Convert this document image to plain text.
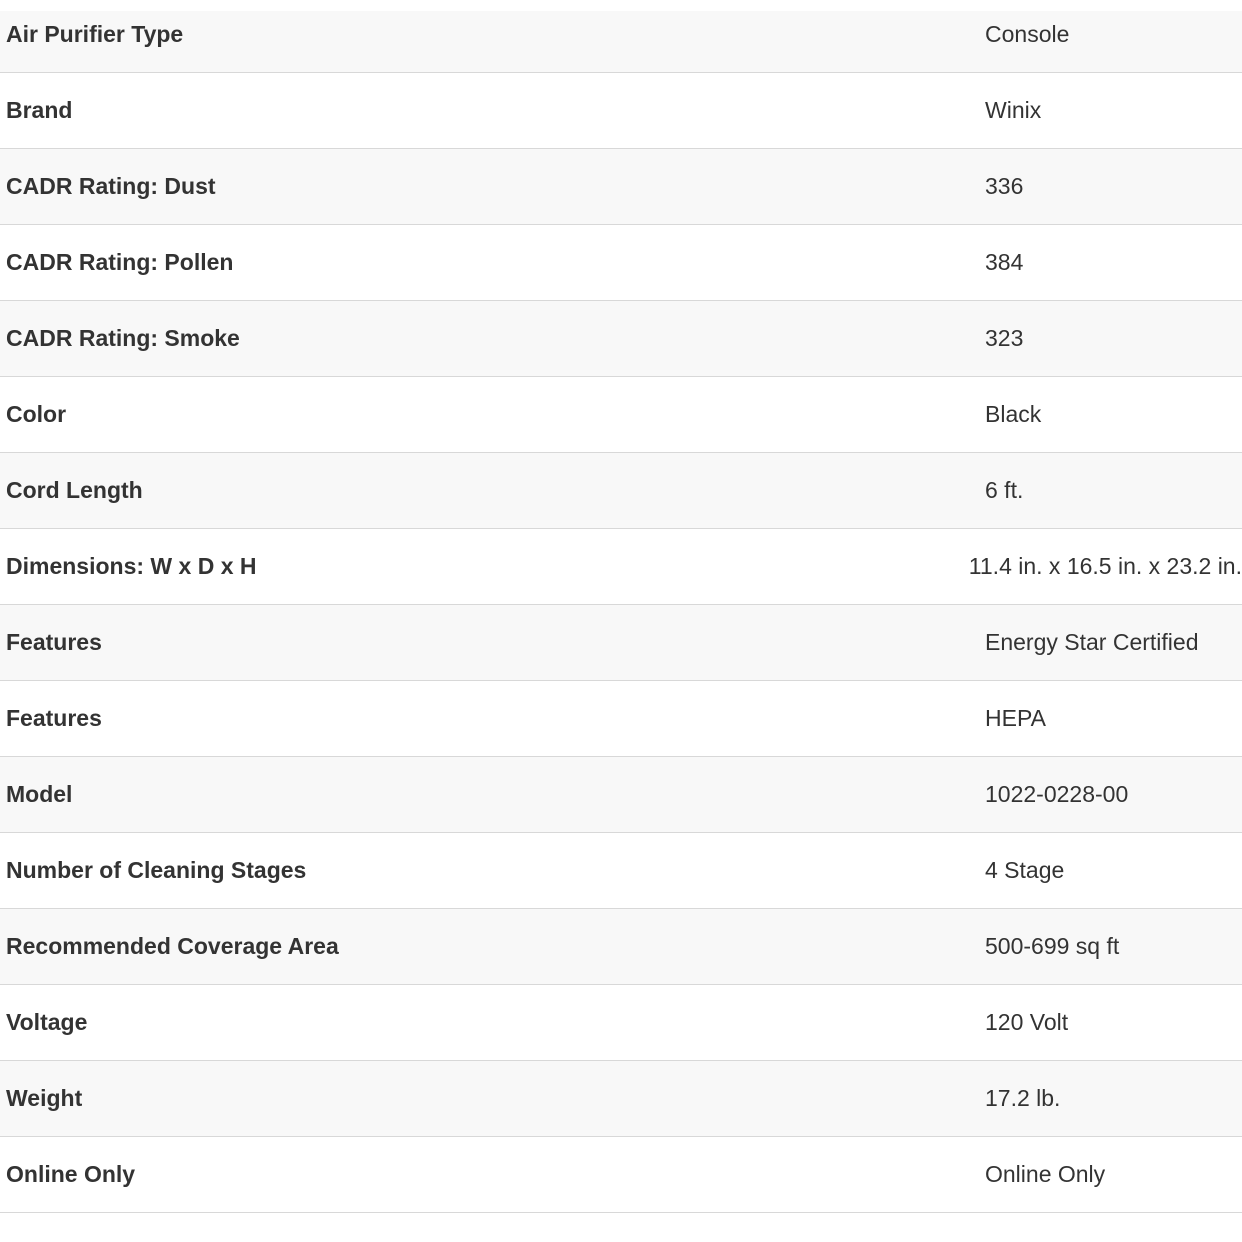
Air Purifier Type	Console
Brand	Winix
CADR Rating: Dust	336
CADR Rating: Pollen	384
CADR Rating: Smoke	323
Color	Black
Cord Length	6 ft.
Dimensions: W x D x H	11.4 in. x 16.5 in. x 23.2 in.
Features	Energy Star Certified
Features	HEPA
Model	1022-0228-00
Number of Cleaning Stages	4 Stage
Recommended Coverage Area	500-699 sq ft
Voltage	120 Volt
Weight	17.2 lb.
Online Only	Online Only
